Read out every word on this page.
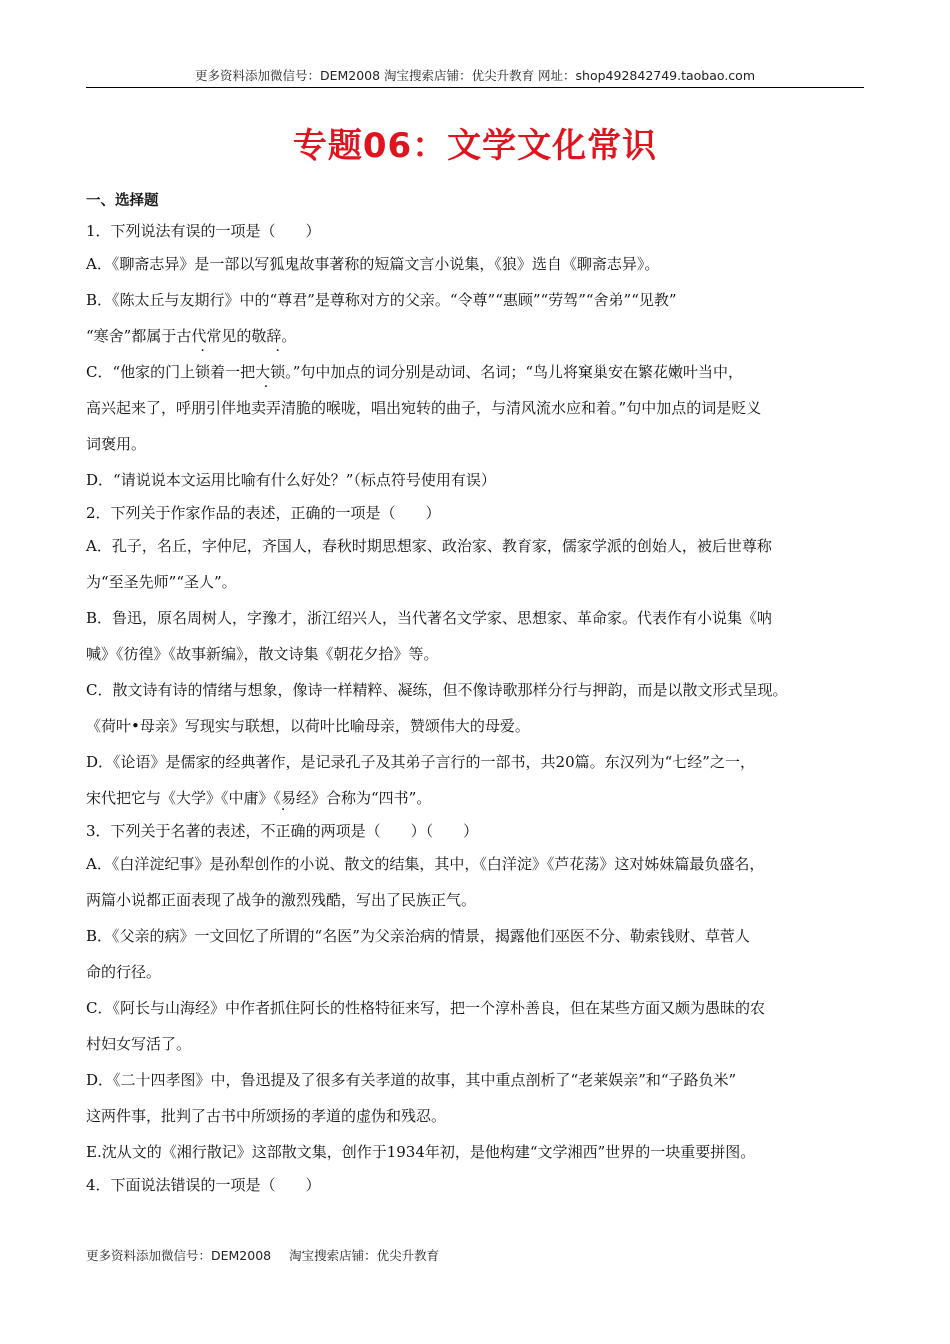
更多资料添加微信号：DEM2008 淘宝搜索店铺：优尖升教育 网址：shop492842749.taobao.com
专题06：文学文化常识
一、选择题

1．下列说法有误的一项是（　　）

A．《聊斋志异》是一部以写狐鬼故事著称的短篇文言小说集，《狼》选自《聊斋志异》。

B．《陈太丘与友期行》中的“尊君”是尊称对方的父亲。“令尊”“惠顾”“劳驾”“舍弟”“见教”

“寒舍”都属于古代常见的敬辞。

C．“他家的门上锁着一把大锁。”句中加点的词分别是动词、名词；“鸟儿将窠巢安在繁花嫩叶当中，

高兴起来了，呼朋引伴地卖弄清脆的喉咙，唱出宛转的曲子，与清风流水应和着。”句中加点的词是贬义

词褒用。

D．“请说说本文运用比喻有什么好处？”（标点符号使用有误）

2．下列关于作家作品的表述，正确的一项是（　　）

A．孔子，名丘，字仲尼，齐国人，春秋时期思想家、政治家、教育家，儒家学派的创始人，被后世尊称

为“至圣先师”“圣人”。

B．鲁迅，原名周树人，字豫才，浙江绍兴人，当代著名文学家、思想家、革命家。代表作有小说集《呐

喊》《彷徨》《故事新编》，散文诗集《朝花夕拾》等。

C．散文诗有诗的情绪与想象，像诗一样精粹、凝练，但不像诗歌那样分行与押韵，而是以散文形式呈现。

《荷叶•母亲》写现实与联想，以荷叶比喻母亲，赞颂伟大的母爱。

D．《论语》是儒家的经典著作，是记录孔子及其弟子言行的一部书，共20篇。东汉列为“七经”之一，

宋代把它与《大学》《中庸》《易经》合称为“四书”。

3．下列关于名著的表述，不正确的两项是（　　）（　　）

A．《白洋淀纪事》是孙犁创作的小说、散文的结集，其中，《白洋淀》《芦花荡》这对姊妹篇最负盛名，

两篇小说都正面表现了战争的激烈残酷，写出了民族正气。

B．《父亲的病》一文回忆了所谓的“名医”为父亲治病的情景，揭露他们巫医不分、勒索钱财、草菅人

命的行径。

C．《阿长与山海经》中作者抓住阿长的性格特征来写，把一个淳朴善良，但在某些方面又颇为愚昧的农

村妇女写活了。

D．《二十四孝图》中，鲁迅提及了很多有关孝道的故事，其中重点剖析了“老莱娱亲”和“子路负米”

这两件事，批判了古书中所颂扬的孝道的虚伪和残忍。

E.沈从文的《湘行散记》这部散文集，创作于1934年初，是他构建“文学湘西”世界的一块重要拼图。

4．下面说法错误的一项是（　　）

更多资料添加微信号：DEM2008 淘宝搜索店铺：优尖升教育
